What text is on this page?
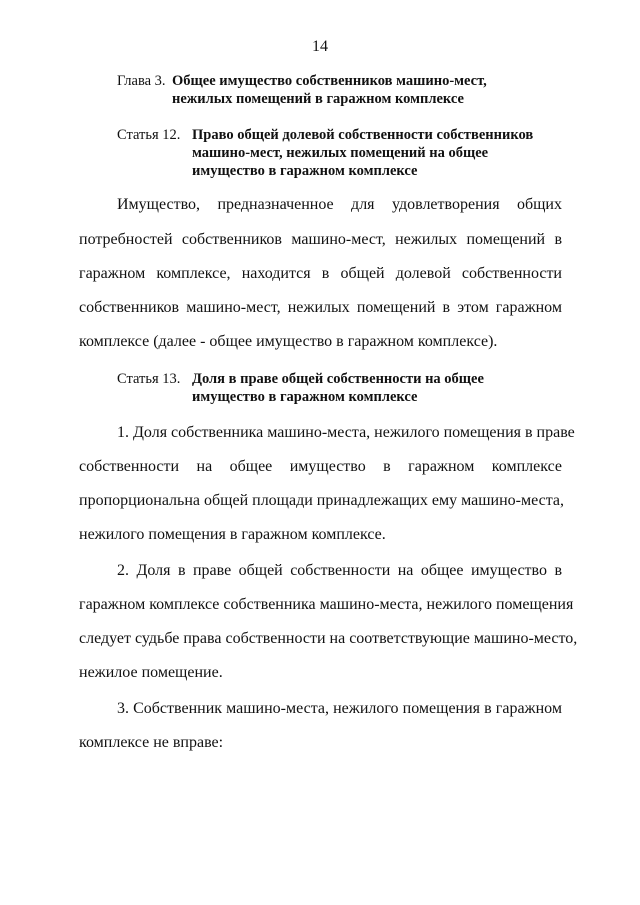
14
Глава 3. Общее имущество собственников машино-мест,
нежилых помещений в гаражном комплексе
Статья 12. Право общей долевой собственности собственников
машино-мест, нежилых помещений на общее
имущество в гаражном комплексе
Имущество, предназначенное для удовлетворения общих
потребностей собственников машино-мест, нежилых помещений в
гаражном комплексе, находится в общей долевой собственности
собственников машино-мест, нежилых помещений в этом гаражном
комплексе (далее - общее имущество в гаражном комплексе).
Статья 13. Доля в праве общей собственности на общее
имущество в гаражном комплексе
1. Доля собственника машино-места, нежилого помещения в праве
собственности на общее имущество в гаражном комплексе
пропорциональна общей площади принадлежащих ему машино-места,
нежилого помещения в гаражном комплексе.
2. Доля в праве общей собственности на общее имущество в
гаражном комплексе собственника машино-места, нежилого помещения
следует судьбе права собственности на соответствующие машино-место,
нежилое помещение.
3. Собственник машино-места, нежилого помещения в гаражном
комплексе не вправе:
